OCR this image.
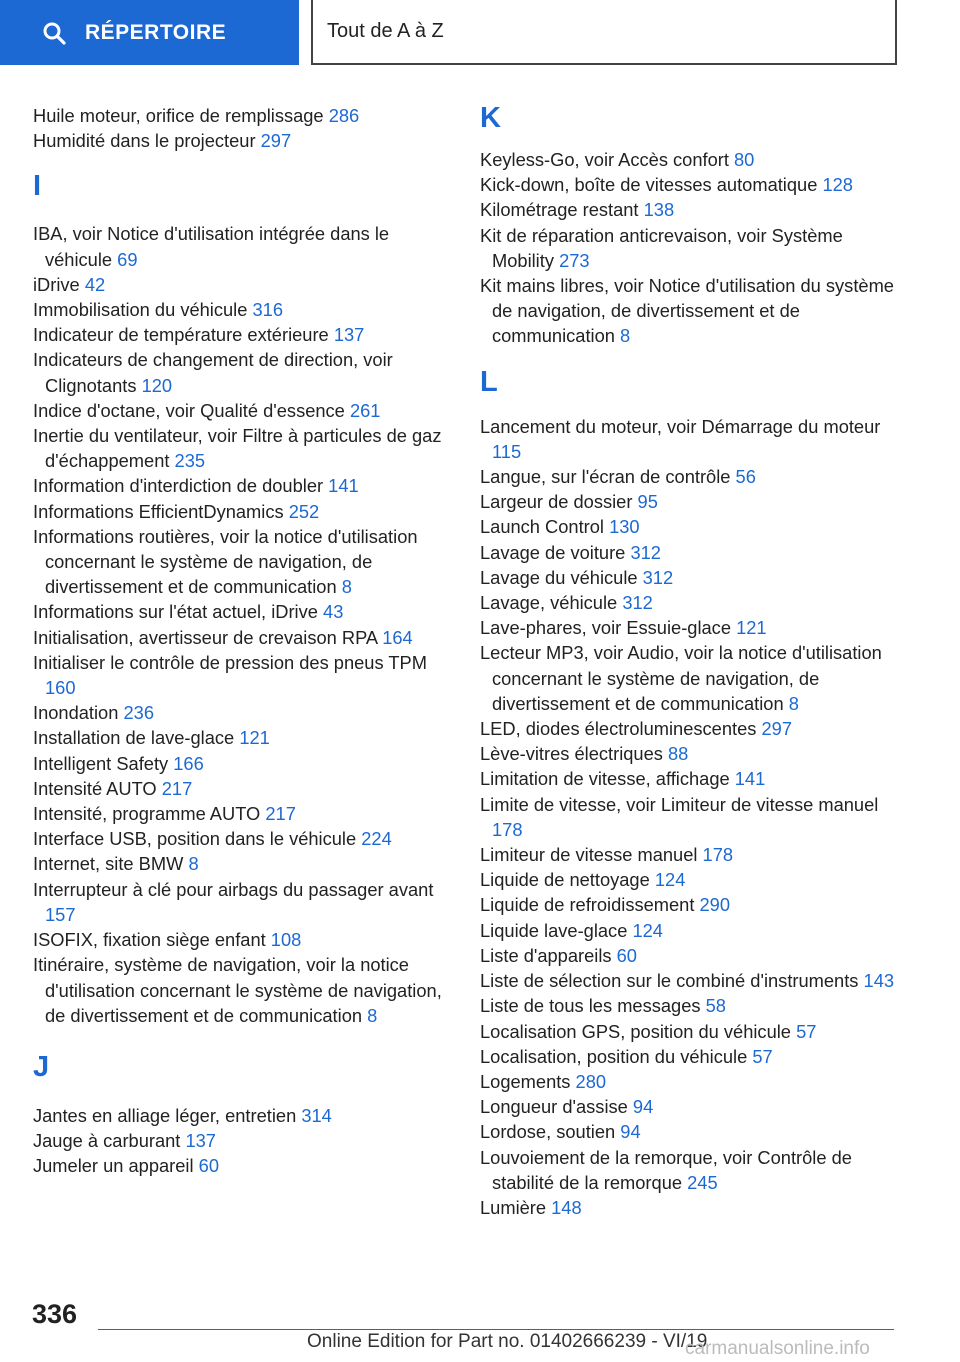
RÉPERTOIRE	Tout de A à Z
Huile moteur, orifice de remplissage 286
Humidité dans le projecteur 297
I
IBA, voir Notice d'utilisation intégrée dans le véhicule 69
iDrive 42
Immobilisation du véhicule 316
Indicateur de température extérieure 137
Indicateurs de changement de direction, voir Clignotants 120
Indice d'octane, voir Qualité d'essence 261
Inertie du ventilateur, voir Filtre à particules de gaz d'échappement 235
Information d'interdiction de doubler 141
Informations EfficientDynamics 252
Informations routières, voir la notice d'utilisation concernant le système de navigation, de divertissement et de communication 8
Informations sur l'état actuel, iDrive 43
Initialisation, avertisseur de crevaison RPA 164
Initialiser le contrôle de pression des pneus TPM 160
Inondation 236
Installation de lave-glace 121
Intelligent Safety 166
Intensité AUTO 217
Intensité, programme AUTO 217
Interface USB, position dans le véhicule 224
Internet, site BMW 8
Interrupteur à clé pour airbags du passager avant 157
ISOFIX, fixation siège enfant 108
Itinéraire, système de navigation, voir la notice d'utilisation concernant le système de navigation, de divertissement et de communication 8
J
Jantes en alliage léger, entretien 314
Jauge à carburant 137
Jumeler un appareil 60
K
Keyless-Go, voir Accès confort 80
Kick-down, boîte de vitesses automatique 128
Kilométrage restant 138
Kit de réparation anticrevaison, voir Système Mobility 273
Kit mains libres, voir Notice d'utilisation du système de navigation, de divertissement et de communication 8
L
Lancement du moteur, voir Démarrage du moteur 115
Langue, sur l'écran de contrôle 56
Largeur de dossier 95
Launch Control 130
Lavage de voiture 312
Lavage du véhicule 312
Lavage, véhicule 312
Lave-phares, voir Essuie-glace 121
Lecteur MP3, voir Audio, voir la notice d'utilisation concernant le système de navigation, de divertissement et de communication 8
LED, diodes électroluminescentes 297
Lève-vitres électriques 88
Limitation de vitesse, affichage 141
Limite de vitesse, voir Limiteur de vitesse manuel 178
Limiteur de vitesse manuel 178
Liquide de nettoyage 124
Liquide de refroidissement 290
Liquide lave-glace 124
Liste d'appareils 60
Liste de sélection sur le combiné d'instruments 143
Liste de tous les messages 58
Localisation GPS, position du véhicule 57
Localisation, position du véhicule 57
Logements 280
Longueur d'assise 94
Lordose, soutien 94
Louvoiement de la remorque, voir Contrôle de stabilité de la remorque 245
Lumière 148
336
Online Edition for Part no. 01402666239 - VI/19
carmanualsonline.info
